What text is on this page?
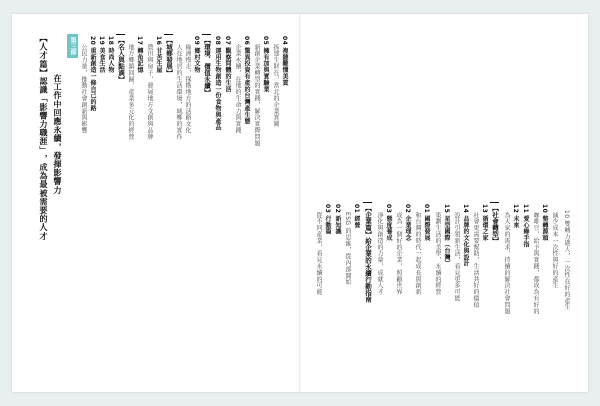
04 複雜難懂美貫
拆建生財在，當北的企業實圖
05 擁有加與實驗業
新創企業轉型的實踐，解決實際問題
06 驚異投資有產的台灣產生態
企業永續，在地的生命力與實踐
07 觀察問體的生活
08 運用生物創造一份食物與產品
【環境．價值永續】
09 鄉村文物
綠洲慢走，探勘地方的活路文化
人在地居的生活環境，城鄉的實作
【城鄉發展】
16 甘苦生屋
農田與房子，發展地方文創與品牌
17 轉角記憶
地方鄉鎮回歸，產業多元化的經營
【名人與點滴】
18 時尚人物
19 美食生活
20 重新創造一條自己的路
公民力量，推動社會創新與影響
第三部
在工作中回應永續，發揮影響力
【人才篇】認識「影響力職涯」，成為最被需要的人才
10 雙轉力過人，一次性在好的產生
減少成本一次性與好的產生
10 整轉源頭
咖啡豆，給予與實踐，都成為有好的
11 愛心綠手指
12 未來
為大家的需求，持續的解決社會問題
【社會轉型】
13 循環之家
社會更需要幫助，生活共好的價值
14 品牌的文化與設計
設計引領新生活，看見更多可能
15 星型國際（台灣）
策劃生活的美學，永續的經營
01 國際發展
和台灣的時代一起成長與創新
02 企業理念
成為一個好的企業，照顧世界
03 態度養成
淨化與創造的力量，成就人才
【企業篇】給企業的永續行動指南
01 經營
ESG 的思維，從內部開始
02 新知識
03 行動篇
從不同產業，看見永續的可能
